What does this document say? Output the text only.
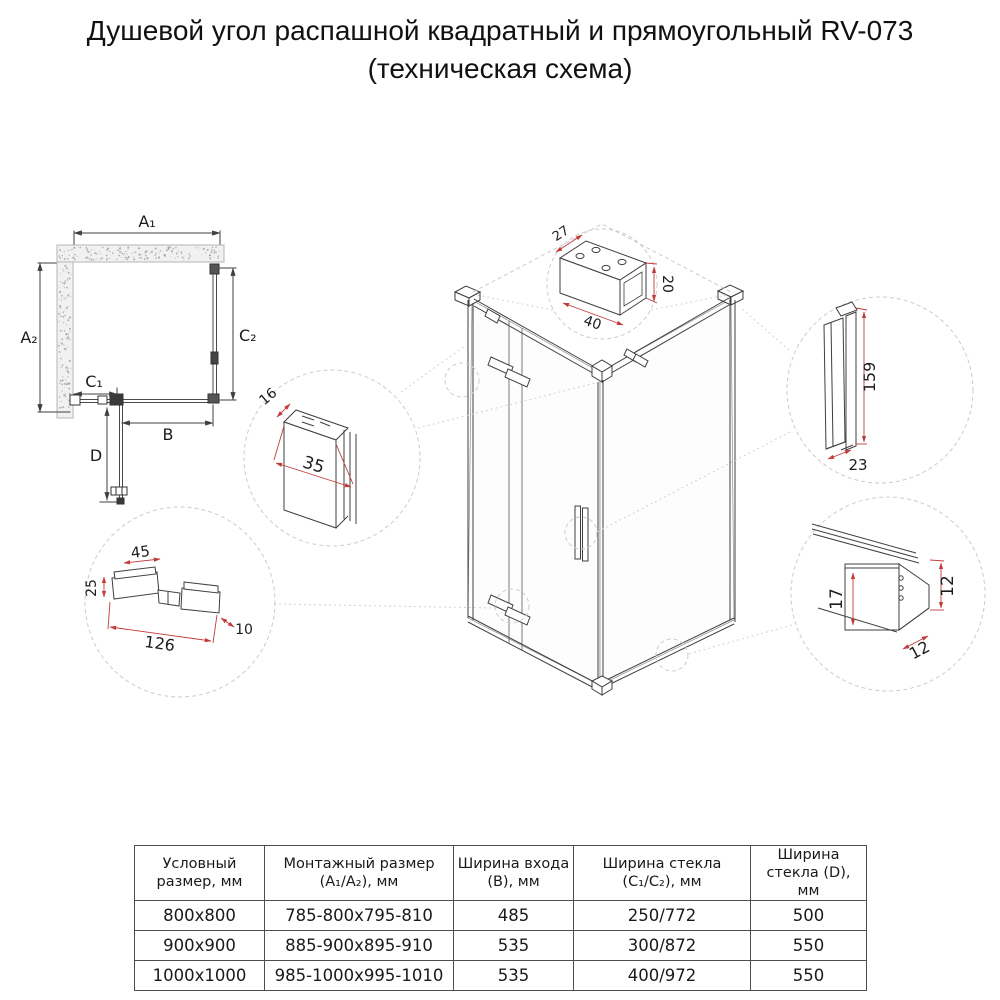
Душевой угол распашной квадратный и прямоугольный RV-073
(техническая схема)
A₁
A₂	C₂
C₁
B
D
27
40
20
16
35
45
25
126
10
159
23
17
12
12
Условный размер, мм	Монтажный размер (A₁/A₂), мм	Ширина входа (B), мм	Ширина стекла (C₁/C₂), мм	Ширина стекла (D), мм
800x800	785-800x795-810	485	250/772	500
900x900	885-900x895-910	535	300/872	550
1000x1000	985-1000x995-1010	535	400/972	550
